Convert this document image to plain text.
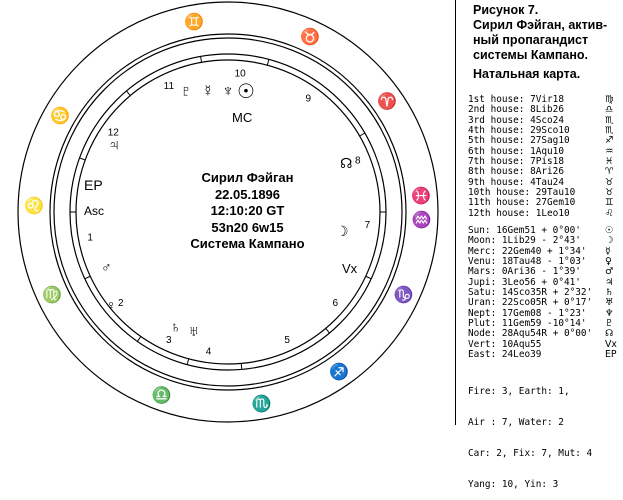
♓
♈
♉
♊
♋
♌
♍
♎
♏
♐
♑
♒
1
2
3
4
5
6
7
8
9
10
11
12
♇ ☿ ♆ ☉
MC
♃
EP
Asc
☊
☽
Vx
♄ ♅
♂
♀
Сирил Фэйган
22.05.1896
12:10:20 GT
53n20 6w15
Система Кампано
Рисунок 7.
Сирил Фэйган, актив-
ный пропагандист
системы Кампано.
Натальная карта.
1st house: 7Vir18
2nd house: 8Lib26
3rd house: 4Sco24
4th house: 29Sco10
5th house: 27Sag10
6th house: 1Aqu10
7th house: 7Pis18
8th house: 8Ari26
9th house: 4Tau24
10th house: 29Tau10
11th house: 27Gem10
12th house: 1Leo10
♍
♎
♏
♏
♐
♒
♓
♈
♉
♉
♊
♌
Sun: 16Gem51 + 0°00'
Moon: 1Lib29 - 2°43'
Merc: 22Gem40 + 1°34'
Venu: 18Tau48 - 1°03'
Mars: 0Ari36 - 1°39'
Jupi: 3Leo56 + 0°41'
Satu: 14Sco35R + 2°32'
Uran: 22Sco05R + 0°17'
Nept: 17Gem08 - 1°23'
Plut: 11Gem59 -10°14'
Node: 28Aqu54R + 0°00'
Vert: 10Aqu55
East: 24Leo39
☉
☽
☿
♀
♂
♃
♄
♅
♆
♇
☊
Vx
EP

Fire: 3, Earth: 1,

Air : 7, Water: 2

Car: 2, Fix: 7, Mut: 4

Yang: 10, Yin: 3
